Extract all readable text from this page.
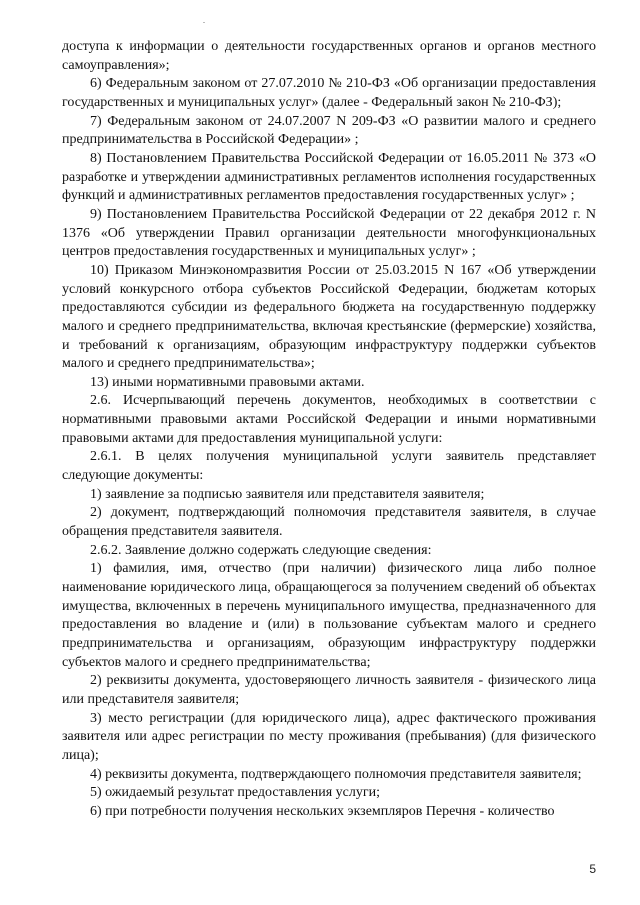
доступа к информации о деятельности государственных органов и органов местного самоуправления»;

6) Федеральным законом от 27.07.2010 № 210-ФЗ «Об организации предоставления государственных и муниципальных услуг» (далее - Федеральный закон № 210-ФЗ);

7) Федеральным законом от 24.07.2007 N 209-ФЗ «О развитии малого и среднего предпринимательства в Российской Федерации» ;

8) Постановлением Правительства Российской Федерации от 16.05.2011 № 373 «О разработке и утверждении административных регламентов исполнения государственных функций и административных регламентов предоставления государственных услуг» ;

9) Постановлением Правительства Российской Федерации от 22 декабря 2012 г. N 1376 «Об утверждении Правил организации деятельности многофункциональных центров предоставления государственных и муниципальных услуг» ;

10) Приказом Минэкономразвития России от 25.03.2015 N 167 «Об утверждении условий конкурсного отбора субъектов Российской Федерации, бюджетам которых предоставляются субсидии из федерального бюджета на государственную поддержку малого и среднего предпринимательства, включая крестьянские (фермерские) хозяйства, и требований к организациям, образующим инфраструктуру поддержки субъектов малого и среднего предпринимательства»;

13) иными нормативными правовыми актами.

2.6. Исчерпывающий перечень документов, необходимых в соответствии с нормативными правовыми актами Российской Федерации и иными нормативными правовыми актами для предоставления муниципальной услуги:

2.6.1. В целях получения муниципальной услуги заявитель представляет следующие документы:

1) заявление за подписью заявителя или представителя заявителя;

2) документ, подтверждающий полномочия представителя заявителя, в случае обращения представителя заявителя.

2.6.2. Заявление должно содержать следующие сведения:

1) фамилия, имя, отчество (при наличии) физического лица либо полное наименование юридического лица, обращающегося за получением сведений об объектах имущества, включенных в перечень муниципального имущества, предназначенного для предоставления во владение и (или) в пользование субъектам малого и среднего предпринимательства и организациям, образующим инфраструктуру поддержки субъектов малого и среднего предпринимательства;

2) реквизиты документа, удостоверяющего личность заявителя - физического лица или представителя заявителя;

3) место регистрации (для юридического лица), адрес фактического проживания заявителя или адрес регистрации по месту проживания (пребывания) (для физического лица);

4) реквизиты документа, подтверждающего полномочия представителя заявителя;

5) ожидаемый результат предоставления услуги;

6) при потребности получения нескольких экземпляров Перечня - количество

5
